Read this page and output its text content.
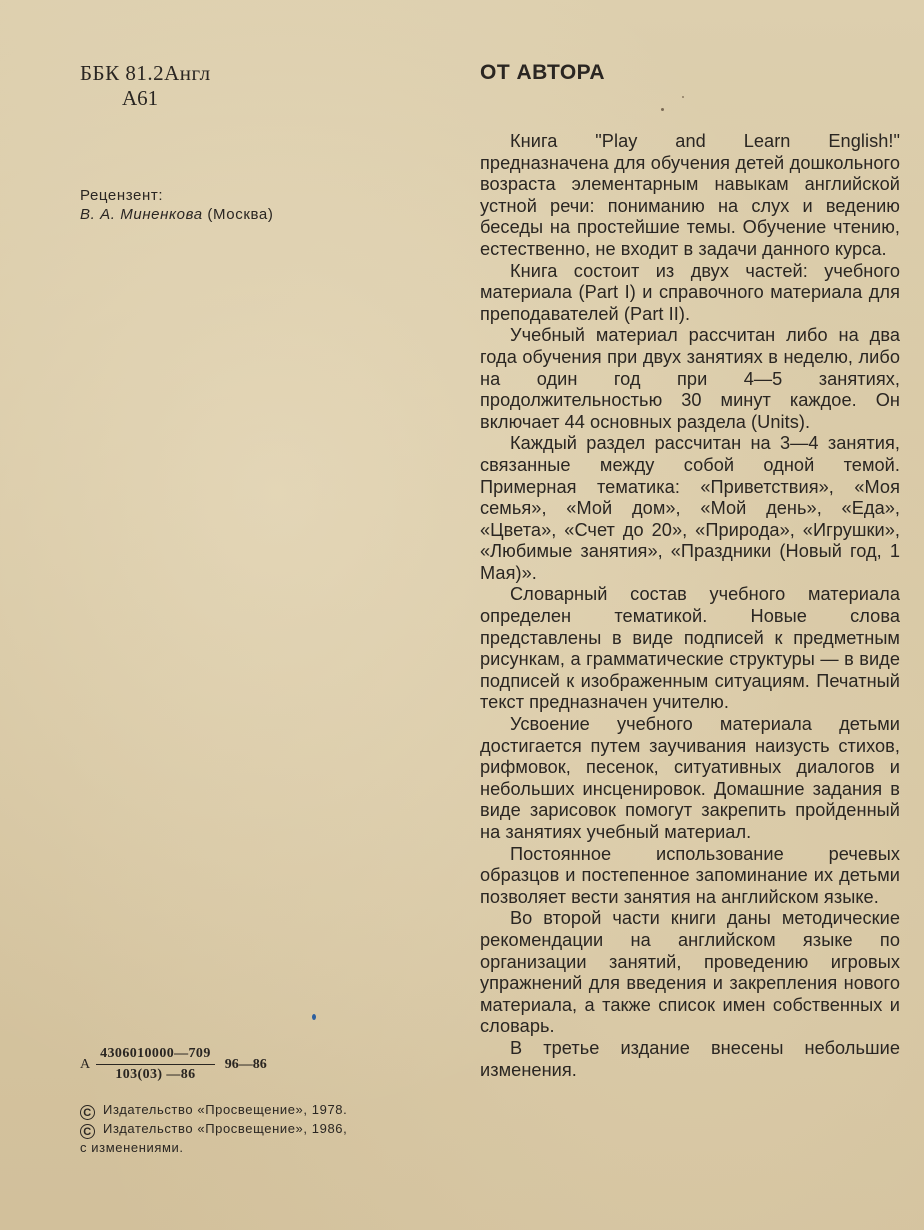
ББК 81.2Англ
А61
Рецензент:
В. А. Миненкова (Москва)
А $\frac{4306010000—709}{103(03) —86}$ 96—86
C Издательство «Просвещение», 1978.
C Издательство «Просвещение», 1986,
с изменениями.
ОТ АВТОРА

Книга "Play and Learn English!" предназначена для обучения детей дошкольного возраста элементарным навыкам английской устной речи: пониманию на слух и ведению беседы на простейшие темы. Обучение чтению, естественно, не входит в задачи данного курса.

Книга состоит из двух частей: учебного материала (Part I) и справочного материала для преподавателей (Part II).

Учебный материал рассчитан либо на два года обучения при двух занятиях в неделю, либо на один год при 4—5 занятиях, продолжительностью 30 минут каждое. Он включает 44 основных раздела (Units).

Каждый раздел рассчитан на 3—4 занятия, связанные между собой одной темой. Примерная тематика: «Приветствия», «Моя семья», «Мой дом», «Мой день», «Еда», «Цвета», «Счет до 20», «Природа», «Игрушки», «Любимые занятия», «Праздники (Новый год, 1 Мая)».

Словарный состав учебного материала определен тематикой. Новые слова представлены в виде подписей к предметным рисункам, а грамматические структуры — в виде подписей к изображенным ситуациям. Печатный текст предназначен учителю.

Усвоение учебного материала детьми достигается путем заучивания наизусть стихов, рифмовок, песенок, ситуативных диалогов и небольших инсценировок. Домашние задания в виде зарисовок помогут закрепить пройденный на занятиях учебный материал.

Постоянное использование речевых образцов и постепенное запоминание их детьми позволяет вести занятия на английском языке.

Во второй части книги даны методические рекомендации на английском языке по организации занятий, проведению игровых упражнений для введения и закрепления нового материала, а также список имен собственных и словарь.

В третье издание внесены небольшие изменения.
